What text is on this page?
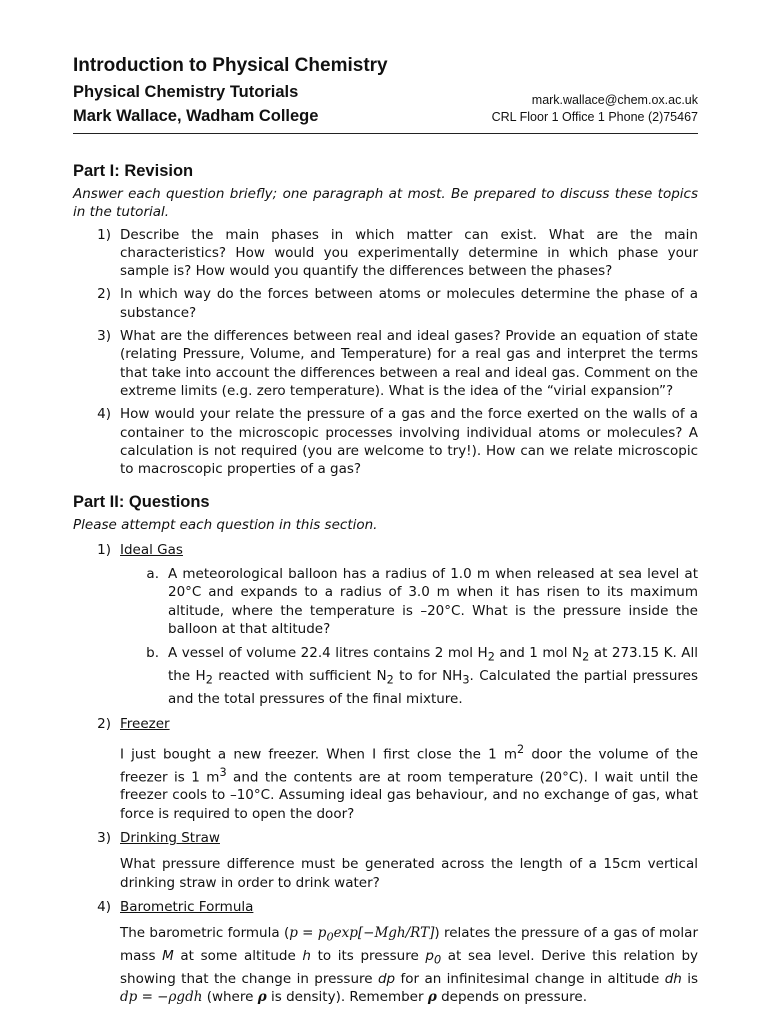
Introduction to Physical Chemistry
Physical Chemistry Tutorials
Mark Wallace, Wadham College
mark.wallace@chem.ox.ac.uk
CRL Floor 1 Office 1 Phone (2)75467
Part I: Revision
Answer each question briefly; one paragraph at most. Be prepared to discuss these topics in the tutorial.
1) Describe the main phases in which matter can exist. What are the main characteristics? How would you experimentally determine in which phase your sample is? How would you quantify the differences between the phases?
2) In which way do the forces between atoms or molecules determine the phase of a substance?
3) What are the differences between real and ideal gases? Provide an equation of state (relating Pressure, Volume, and Temperature) for a real gas and interpret the terms that take into account the differences between a real and ideal gas. Comment on the extreme limits (e.g. zero temperature). What is the idea of the “virial expansion”?
4) How would your relate the pressure of a gas and the force exerted on the walls of a container to the microscopic processes involving individual atoms or molecules? A calculation is not required (you are welcome to try!). How can we relate microscopic to macroscopic properties of a gas?
Part II: Questions
Please attempt each question in this section.
1) Ideal Gas
a. A meteorological balloon has a radius of 1.0 m when released at sea level at 20°C and expands to a radius of 3.0 m when it has risen to its maximum altitude, where the temperature is –20°C. What is the pressure inside the balloon at that altitude?
b. A vessel of volume 22.4 litres contains 2 mol $H_2$ and 1 mol $N_2$ at 273.15 K. All the $H_2$ reacted with sufficient $N_2$ to for $NH_3$. Calculated the partial pressures and the total pressures of the final mixture.
2) Freezer
I just bought a new freezer. When I first close the 1 $m^2$ door the volume of the freezer is 1 $m^3$ and the contents are at room temperature (20°C). I wait until the freezer cools to –10°C. Assuming ideal gas behaviour, and no exchange of gas, what force is required to open the door?
3) Drinking Straw
What pressure difference must be generated across the length of a 15cm vertical drinking straw in order to drink water?
4) Barometric Formula
The barometric formula $(p = p_0\exp[-Mgh/RT])$ relates the pressure of a gas of molar mass M at some altitude h to its pressure $p_0$ at sea level. Derive this relation by showing that the change in pressure dp for an infinitesimal change in altitude dh is dp = −ρgdh (where ρ is density). Remember ρ depends on pressure.
